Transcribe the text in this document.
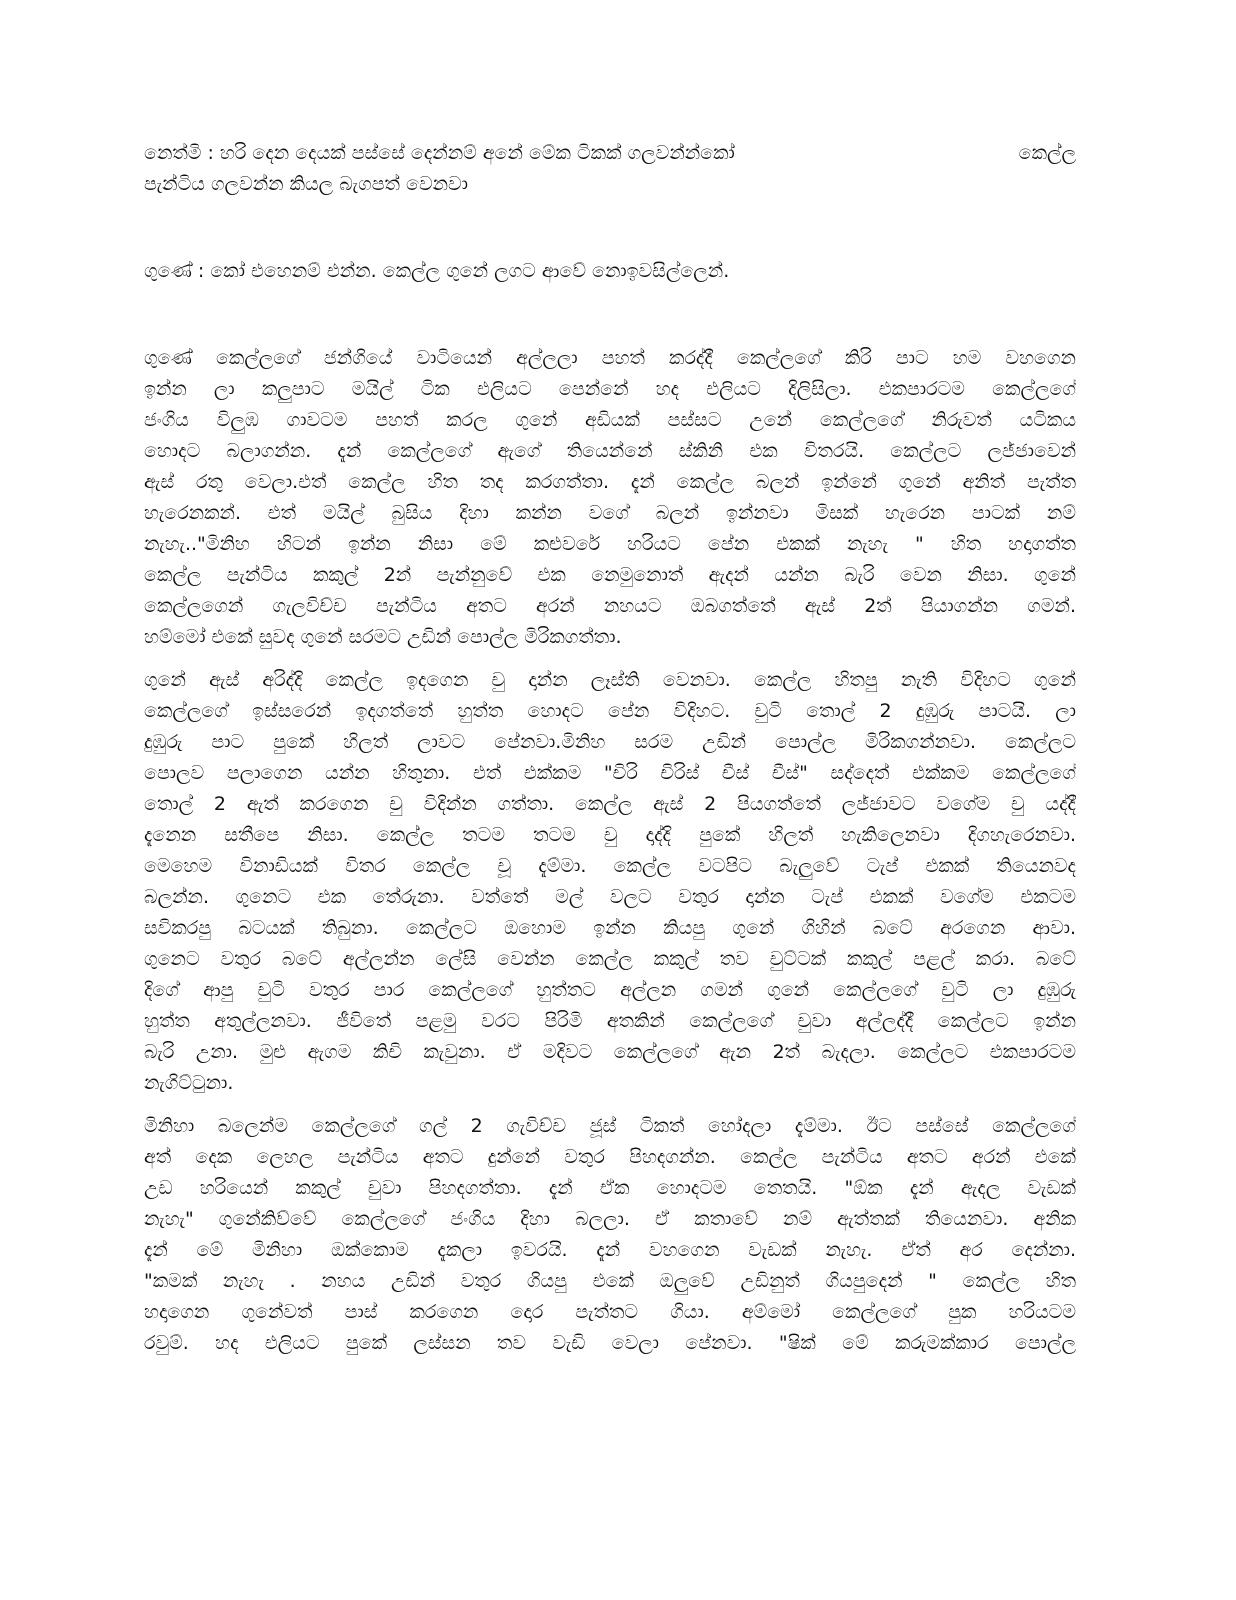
නෙත්මි : හරි දෙන දෙයක් පස්සේ දෙන්නම් අනේ මේක ටිකක් ගලවන්න්කෝ	කෙල්ල
පැන්ටිය ගලවන්න කියල බැගපත් වෙනවා
ගුණේ : කෝ එහෙනම් එන්න. කෙල්ල ගුනේ ලගට ආවේ නොඉවසිල්ලෙන්.
ගුණේ කෙල්ලගේ ජන්ගියේ වාටියෙන් අල්ලලා පහත් කරද්දී කෙල්ලගේ කිරි පාට හම වහගෙන
ඉන්න ලා කලුපාට මයිල් ටික එලියට පෙන්නේ හද එලියට දිලිසිලා. එකපාරටම කෙල්ලගේ
ජංගිය විලුඹ ගාවටම පහත් කරල ගුනේ අඩියක් පස්සට උනේ කෙල්ලගේ නිරුවත් යටිකය
හොදට බලාගන්න. දැන් කෙල්ලගේ ඇගේ තියෙන්නේ ස්කිනි එක විතරයි. කෙල්ලට ලජ්ජාවෙන්
ඇස් රතු වෙලා.එත් කෙල්ල හිත තද කරගත්තා. දැන් කෙල්ල බලන් ඉන්නේ ගුනේ අනිත් පැත්ත
හැරෙනකන්. එත් මයිල් බුසිය දිහා කන්න වගේ බලන් ඉන්නවා මිසක් හැරෙන පාටක් නම්
නැහැ.."මිනිහ හිටන් ඉන්න නිසා මේ කළුවරේ හරියට පේන එකක් නැහැ " හිත හදාගත්ත
කෙල්ල පැන්ටිය කකුල් 2න් පැන්නුවේ එක නෙමුනොත් ඇදන් යන්න බැරි වෙන නිසා. ගුනේ
කෙල්ලගෙන් ගැලවිච්ච පැන්ටිය අතට අරන් නහයට ඔබගත්තේ ඇස් 2ත් පියාගන්න ගමන්.
හම්මෝ එකේ සුවද ගුනේ සරමට උඩින් පොල්ල මිරිකගත්තා.
ගුනේ ඇස් අරිද්දි කෙල්ල ඉදගෙන චු දාන්න ලෑස්ති වෙනවා. කෙල්ල හිතපු නැති විදිහට ගුනේ
කෙල්ලගේ ඉස්සරෙන් ඉදගත්තේ හුත්ත හොදට පේන විදිහට. චුටි තොල් 2 දුඹුරු පාටයි. ලා
දුඹුරු පාට පුකේ හිලත් ලාවට පේනවා.මිනිහ සරම උඩින් පොල්ල මිරිකගන්නවා. කෙල්ලට
පොලව පලාගෙන යන්න හිතුනා. එත් එක්කම "චිරි චිරිස් චීස් චීස්" සද්දෙත් එක්කම කෙල්ලගේ
තොල් 2 ඇත් කරගෙන චු විදින්න ගත්තා. කෙල්ල ඇස් 2 පියගත්තේ ලජ්ජාවට වගේම චු යද්දී
දැනෙන සතීපෙ නිසා. කෙල්ල තටම තටම චු දාද්දි පුකේ හිලත් හැකිලෙනවා දිගහැරෙනවා.
මෙහෙම විනාඩියක් විතර කෙල්ල චූ දැම්මා. කෙල්ල වටපිට බැලුවේ ටැප් එකක් තියෙනවද
බලන්න. ගුනෙට එක තේරුනා. වත්තේ මල් වලට වතුර දාන්න ටැප් එකක් වගේම එකටම
සවිකරපු බටයක් තිබුනා. කෙල්ලට ඔහොම ඉන්න කියපු ගුනේ ගිහින් බටේ අරගෙන ආවා.
ගුනෙට වතුර බටේ අල්ලන්න ලේසි වෙන්න කෙල්ල කකුල් තව චුට්ටක් කකුල් පළල් කරා. බටේ
දිගේ ආපු චුටි වතුර පාර කෙල්ලගේ හුත්තට අල්ලන ගමන් ගුනේ කෙල්ලගේ චුටි ලා දුඹුරු
හුත්ත අතුල්ලනවා. ජීවිතේ පළමු වරට පිරිමි අතකින් කෙල්ලගේ චුවා අල්ලද්දී කෙල්ලට ඉන්න
බැරි උනා. මුළු ඇගම කිචි කැවුනා. ඒ මදිවට කෙල්ලගේ ඇන 2ත් බැදලා. කෙල්ලට එකපාරටම
නැගිට්ටුනා.
මිනිහා බලෙන්ම කෙල්ලගේ ගල් 2 ගැවිච්ච ජූස් ටිකත් හෝදලා දැම්මා. ඊට පස්සේ කෙල්ලගේ
අත් දෙක ලෙහල පැන්ටිය අතට දුන්නේ වතුර පිහදගන්න. කෙල්ල පැන්ටිය අතට අරන් එකේ
උඩ හරියෙන් කකුල් චුවා පිහදගත්තා. දැන් ඒක හොදටම තෙතයි. "ඕක දැන් ඇදල වැඩක්
නැහැ" ගුනේකිව්වේ කෙල්ලගේ ජංගිය දිහා බලලා. ඒ කතාවේ නම් ඇත්තක් තියෙනවා. අනික
දැන් මේ මිනිහා ඔක්කොම දැකලා ඉවරයි. දැන් වහගෙන වැඩක් නැහැ. ඒත් අර දෙන්නා.
"කමක් නැහැ . නහය උඩින් වතුර ගියපු එකේ ඔලුවේ උඩිනුත් ගියපුදෙන් " කෙල්ල හිත
හදාගෙන ගුනේවත් පාස් කරගෙන දොර පැත්තට ගියා. අම්මෝ කෙල්ලගේ පුක හරියටම
රවුම්. හද එලියට පුකේ ලස්සන තව වැඩි වෙලා පේනවා. "ෂික් මේ කරුමක්කාර පොල්ල
